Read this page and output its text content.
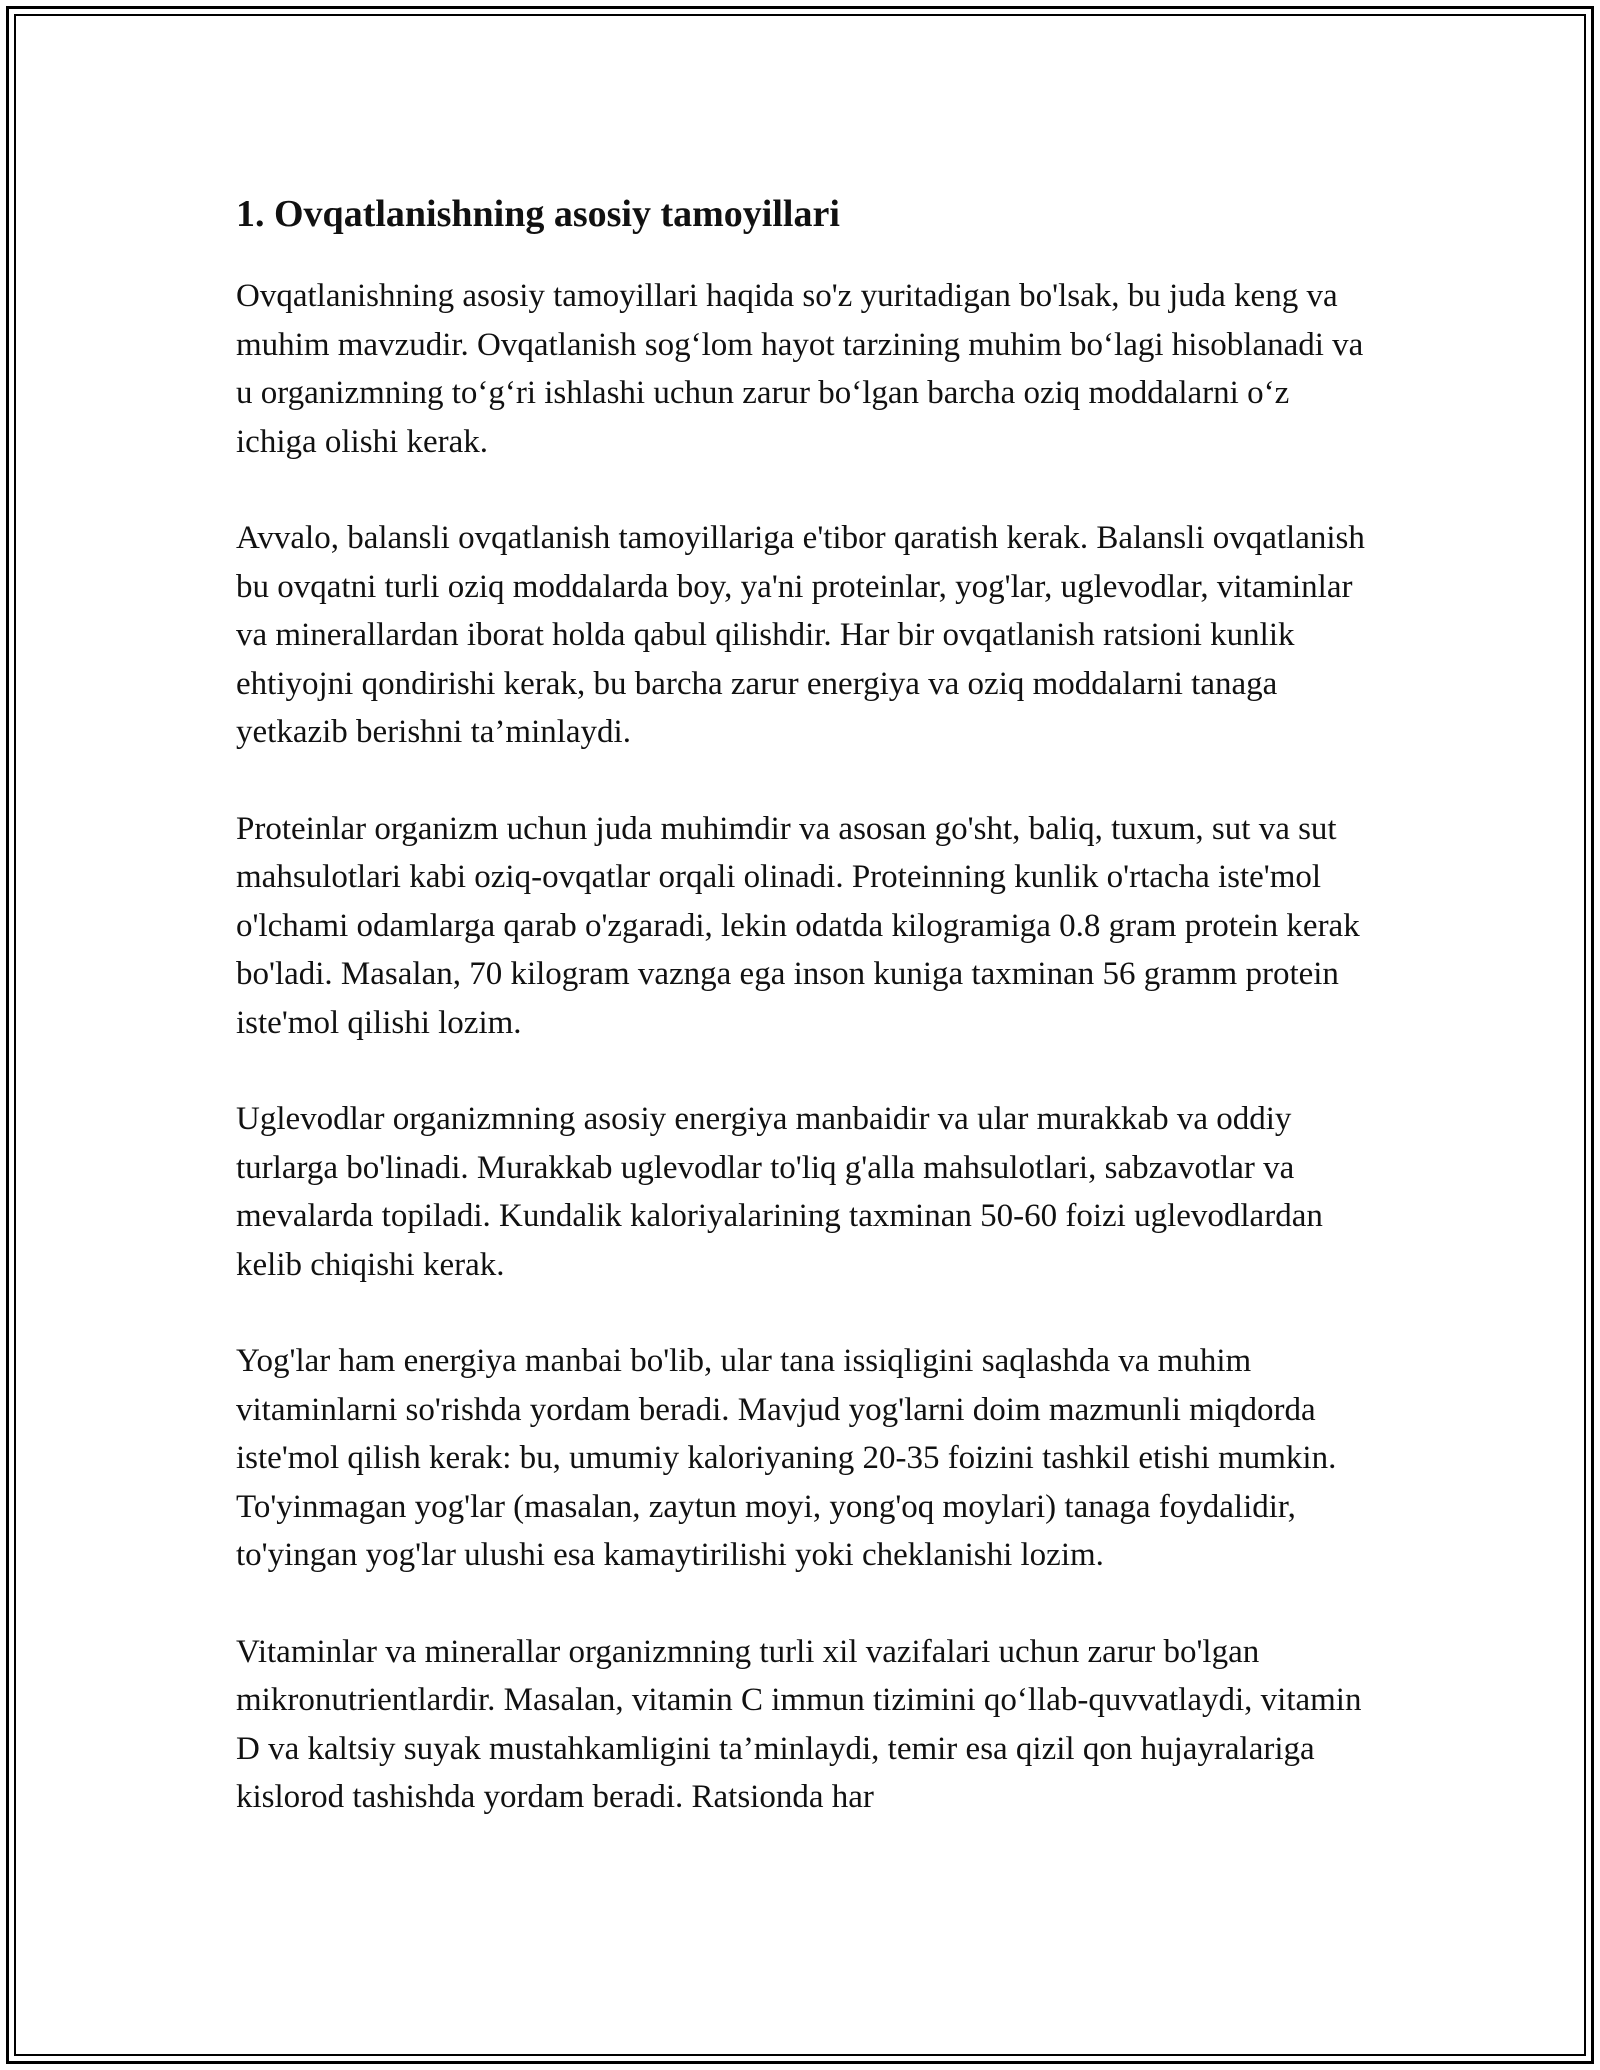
1. Ovqatlanishning asosiy tamoyillari

Ovqatlanishning asosiy tamoyillari haqida so'z yuritadigan bo'lsak, bu juda keng va muhim mavzudir. Ovqatlanish sog‘lom hayot tarzining muhim bo‘lagi hisoblanadi va u organizmning to‘g‘ri ishlashi uchun zarur bo‘lgan barcha oziq moddalarni o‘z ichiga olishi kerak.

Avvalo, balansli ovqatlanish tamoyillariga e'tibor qaratish kerak. Balansli ovqatlanish bu ovqatni turli oziq moddalarda boy, ya'ni proteinlar, yog'lar, uglevodlar, vitaminlar va minerallardan iborat holda qabul qilishdir. Har bir ovqatlanish ratsioni kunlik ehtiyojni qondirishi kerak, bu barcha zarur energiya va oziq moddalarni tanaga yetkazib berishni ta’minlaydi.

Proteinlar organizm uchun juda muhimdir va asosan go'sht, baliq, tuxum, sut va sut mahsulotlari kabi oziq-ovqatlar orqali olinadi. Proteinning kunlik o'rtacha iste'mol o'lchami odamlarga qarab o'zgaradi, lekin odatda kilogramiga 0.8 gram protein kerak bo'ladi. Masalan, 70 kilogram vaznga ega inson kuniga taxminan 56 gramm protein iste'mol qilishi lozim.

Uglevodlar organizmning asosiy energiya manbaidir va ular murakkab va oddiy turlarga bo'linadi. Murakkab uglevodlar to'liq g'alla mahsulotlari, sabzavotlar va mevalarda topiladi. Kundalik kaloriyalarining taxminan 50-60 foizi uglevodlardan kelib chiqishi kerak.

Yog'lar ham energiya manbai bo'lib, ular tana issiqligini saqlashda va muhim vitaminlarni so'rishda yordam beradi. Mavjud yog'larni doim mazmunli miqdorda iste'mol qilish kerak: bu, umumiy kaloriyaning 20-35 foizini tashkil etishi mumkin. To'yinmagan yog'lar (masalan, zaytun moyi, yong'oq moylari) tanaga foydalidir, to'yingan yog'lar ulushi esa kamaytirilishi yoki cheklanishi lozim.

Vitaminlar va minerallar organizmning turli xil vazifalari uchun zarur bo'lgan mikronutrientlardir. Masalan, vitamin C immun tizimini qo‘llab-quvvatlaydi, vitamin D va kaltsiy suyak mustahkamligini ta’minlaydi, temir esa qizil qon hujayralariga kislorod tashishda yordam beradi. Ratsionda har
